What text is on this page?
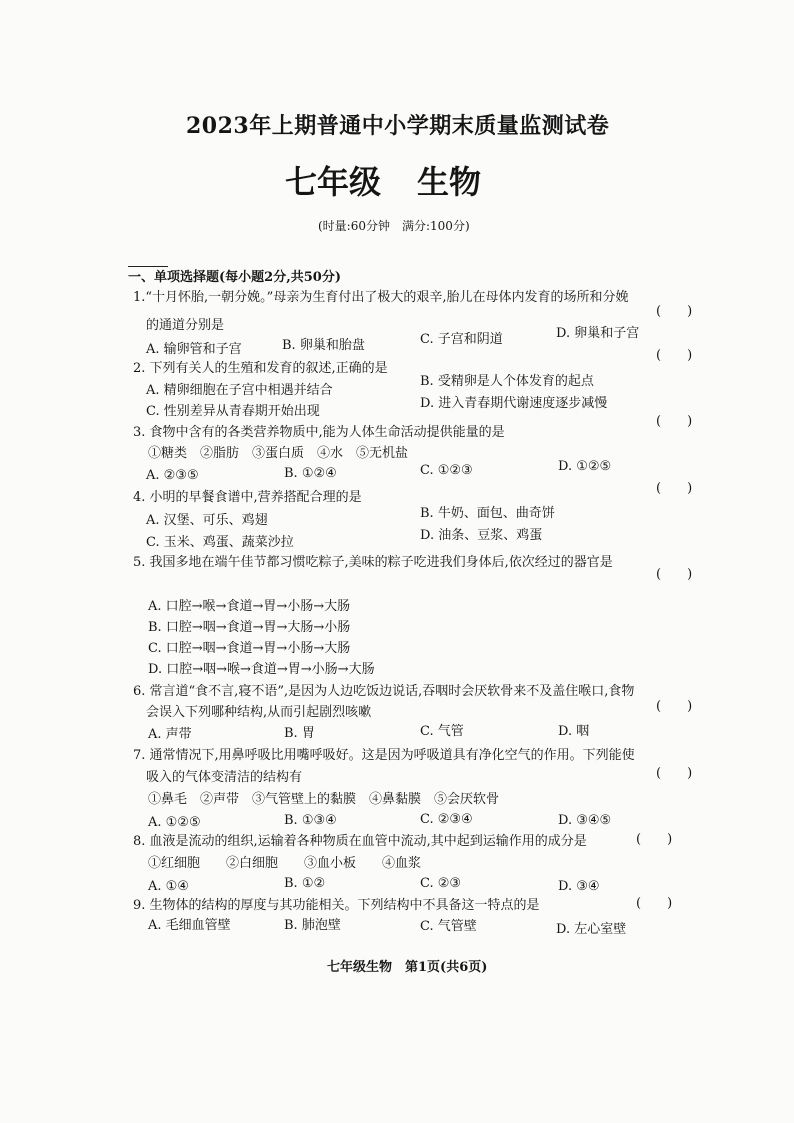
2023年上期普通中小学期末质量监测试卷
七年级 生物
(时量:60分钟　满分:100分)
一、单项选择题(每小题2分,共50分)
1.“十月怀胎,一朝分娩。”母亲为生育付出了极大的艰辛,胎儿在母体内发育的场所和分娩
(　　)
的通道分别是
A. 输卵管和子宫	B. 卵巢和胎盘	C. 子宫和阴道	D. 卵巢和子宫
(　　)
2. 下列有关人的生殖和发育的叙述,正确的是
A. 精卵细胞在子宫中相遇并结合
B. 受精卵是人个体发育的起点
C. 性别差异从青春期开始出现
D. 进入青春期代谢速度逐步减慢
(　　)
3. 食物中含有的各类营养物质中,能为人体生命活动提供能量的是
①糖类　②脂肪　③蛋白质　④水　⑤无机盐
A. ②③⑤	B. ①②④	C. ①②③	D. ①②⑤
(　　)
4. 小明的早餐食谱中,营养搭配合理的是
A. 汉堡、可乐、鸡翅	B. 牛奶、面包、曲奇饼
C. 玉米、鸡蛋、蔬菜沙拉	D. 油条、豆浆、鸡蛋
5. 我国多地在端午佳节都习惯吃粽子,美味的粽子吃进我们身体后,依次经过的器官是
(　　)
A. 口腔→喉→食道→胃→小肠→大肠
B. 口腔→咽→食道→胃→大肠→小肠
C. 口腔→咽→食道→胃→小肠→大肠
D. 口腔→咽→喉→食道→胃→小肠→大肠
6. 常言道“食不言,寝不语”,是因为人边吃饭边说话,吞咽时会厌软骨来不及盖住喉口,食物
会误入下列哪种结构,从而引起剧烈咳嗽	(　　)
A. 声带	B. 胃	C. 气管	D. 咽
7. 通常情况下,用鼻呼吸比用嘴呼吸好。这是因为呼吸道具有净化空气的作用。下列能使
吸入的气体变清洁的结构有	(　　)
①鼻毛　②声带　③气管壁上的黏膜　④鼻黏膜　⑤会厌软骨
A. ①②⑤	B. ①③④	C. ②③④	D. ③④⑤
8. 血液是流动的组织,运输着各种物质在血管中流动,其中起到运输作用的成分是	(　　)
①红细胞　　②白细胞　　③血小板　　④血浆
A. ①④	B. ①②	C. ②③	D. ③④
9. 生物体的结构的厚度与其功能相关。下列结构中不具备这一特点的是	(　　)
A. 毛细血管壁	B. 肺泡壁	C. 气管壁	D. 左心室壁
七年级生物　第1页(共6页)
